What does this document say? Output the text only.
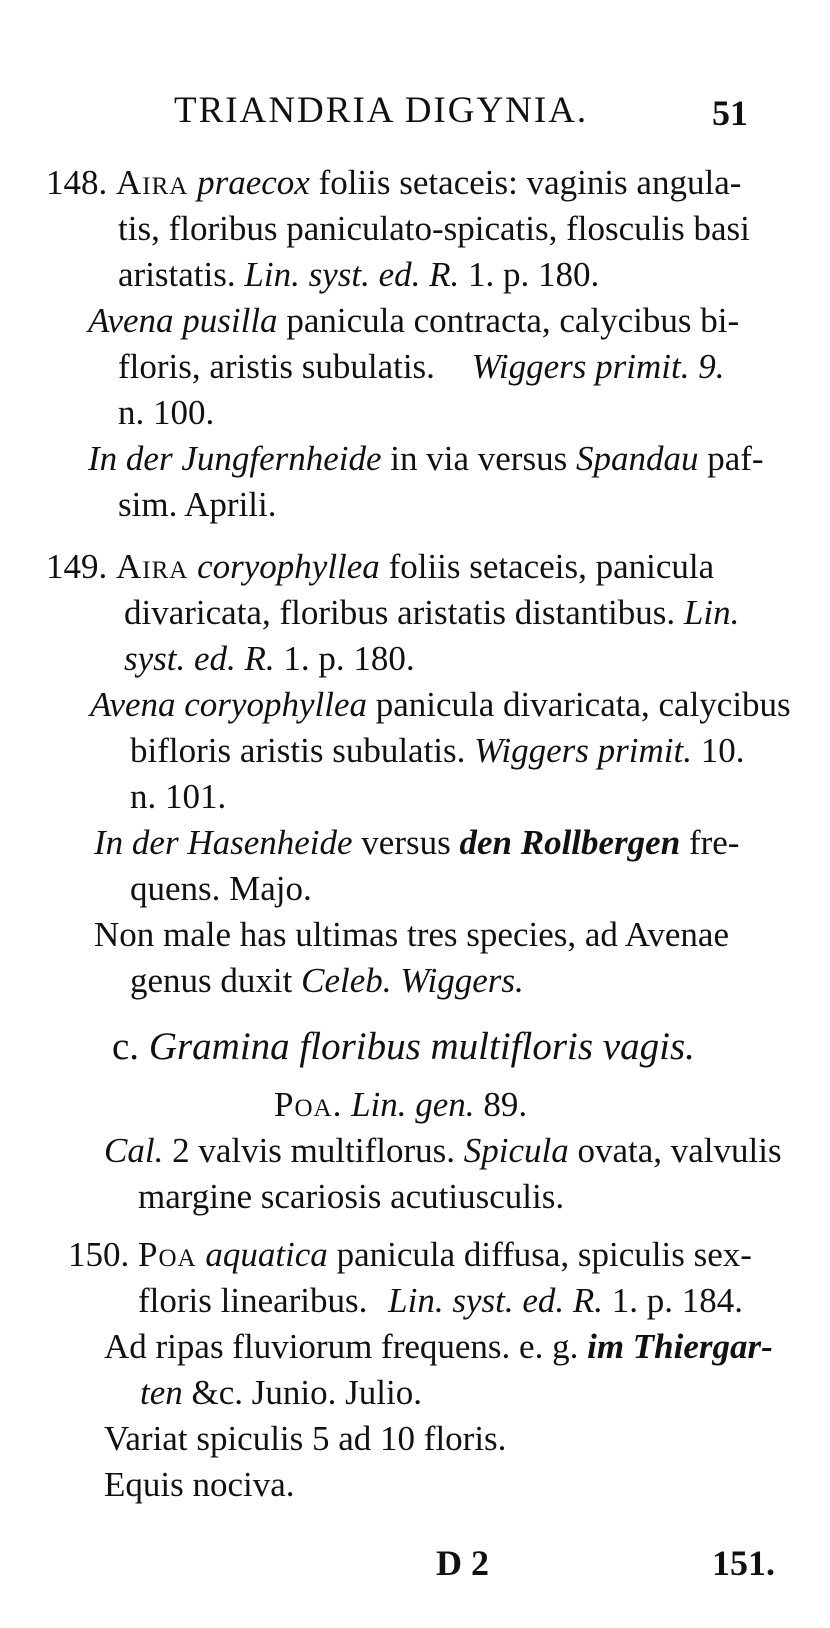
TRIANDRIA DIGYNIA.	51
148. Aira praecox foliis setaceis: vaginis angula-
tis, floribus paniculato-spicatis, flosculis basi
aristatis. Lin. syst. ed. R. 1. p. 180.
Avena pusilla panicula contracta, calycibus bi-
floris, aristis subulatis. Wiggers primit. 9.
n. 100.
In der Jungfernheide in via versus Spandau paf-
sim. Aprili.
149. Aira coryophyllea foliis setaceis, panicula
divaricata, floribus aristatis distantibus. Lin.
syst. ed. R. 1. p. 180.
Avena coryophyllea panicula divaricata, calycibus
bifloris aristis subulatis. Wiggers primit. 10.
n. 101.
In der Hasenheide versus den Rollbergen fre-
quens. Majo.
Non male has ultimas tres species, ad Avenae
genus duxit Celeb. Wiggers.
c. Gramina floribus multifloris vagis.
Poa. Lin. gen. 89.
Cal. 2 valvis multiflorus. Spicula ovata, valvulis
margine scariosis acutiusculis.
150. Poa aquatica panicula diffusa, spiculis sex-
floris linearibus. Lin. syst. ed. R. 1. p. 184.
Ad ripas fluviorum frequens. e. g. im Thiergar-
ten &c. Junio. Julio.
Variat spiculis 5 ad 10 floris.
Equis nociva.
D 2	151.
